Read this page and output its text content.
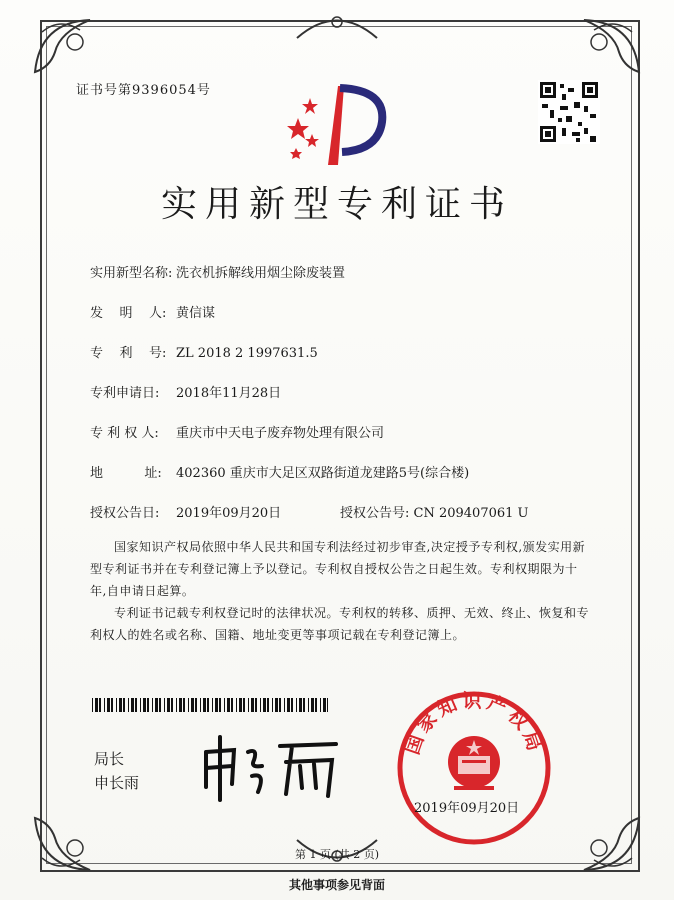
证书号第9396054号
实用新型专利证书
实用新型名称: 洗衣机拆解线用烟尘除废装置
发    明    人: 黄信谋
专    利    号: ZL 2018 2 1997631.5
专利申请日: 2018年11月28日
专 利 权 人: 重庆市中天电子废弃物处理有限公司
地          址: 402360 重庆市大足区双路街道龙建路5号(综合楼)
授权公告日: 2019年09月20日	授权公告号: CN 209407061 U
国家知识产权局依照中华人民共和国专利法经过初步审查,决定授予专利权,颁发实用新型专利证书并在专利登记簿上予以登记。专利权自授权公告之日起生效。专利权期限为十年,自申请日起算。
专利证书记载专利权登记时的法律状况。专利权的转移、质押、无效、终止、恢复和专利权人的姓名或名称、国籍、地址变更等事项记载在专利登记簿上。
局长
申长雨
国家知识产权局
2019年09月20日
第 1 页 (共 2 页)
其他事项参见背面
